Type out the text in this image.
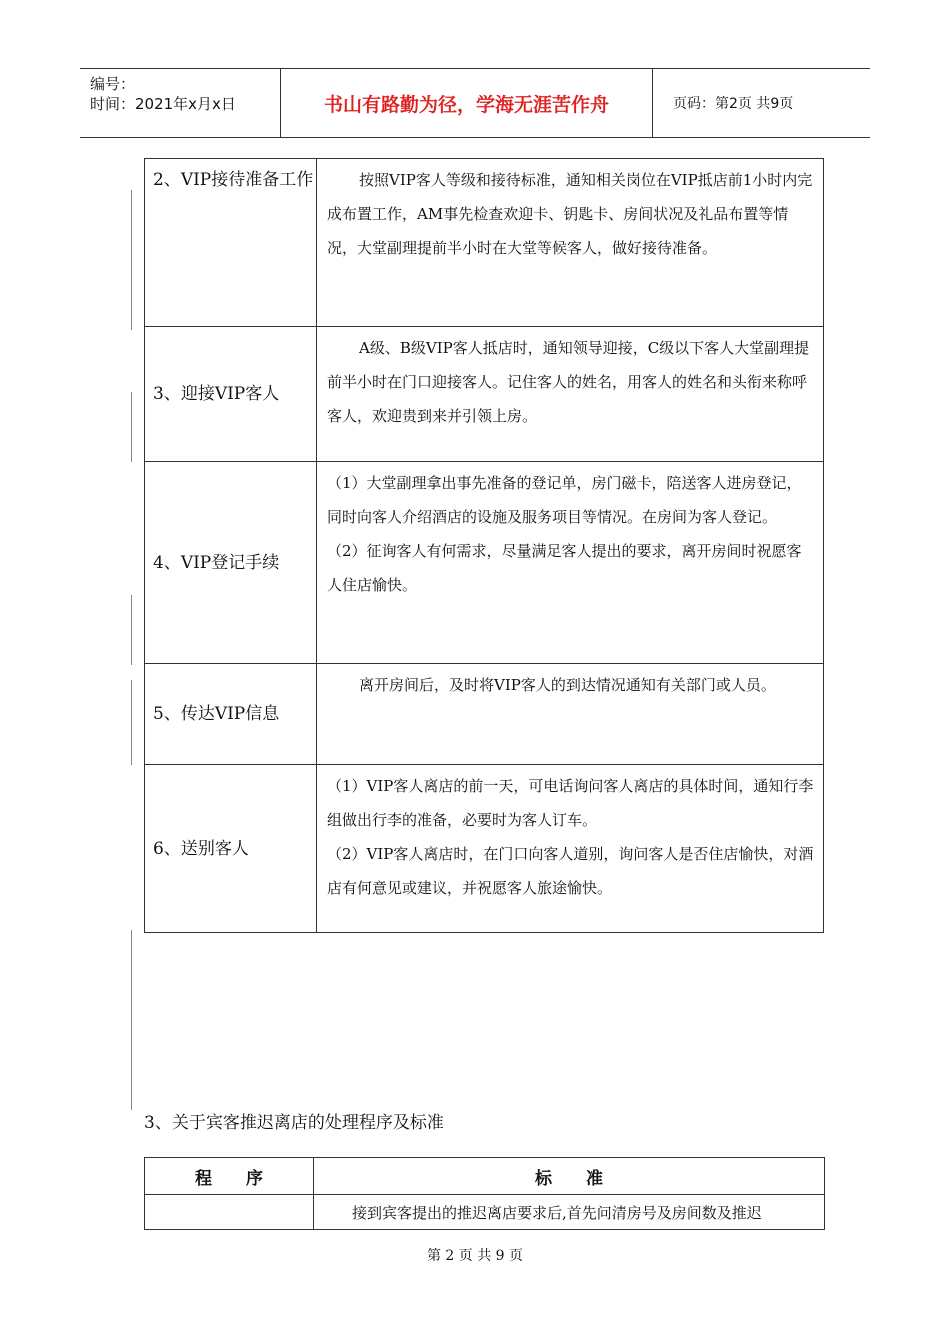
编号：
时间：2021年x月x日	书山有路勤为径，学海无涯苦作舟	页码：第2页 共9页
2、VIP接待准备工作	按照VIP客人等级和接待标准，通知相关岗位在VIP抵店前1小时内完成布置工作，AM事先检查欢迎卡、钥匙卡、房间状况及礼品布置等情况，大堂副理提前半小时在大堂等候客人，做好接待准备。

3、迎接VIP客人	A级、B级VIP客人抵店时，通知领导迎接，C级以下客人大堂副理提前半小时在门口迎接客人。记住客人的姓名，用客人的姓名和头衔来称呼客人，欢迎贵到来并引领上房。

4、VIP登记手续	（1）大堂副理拿出事先准备的登记单，房门磁卡，陪送客人进房登记，同时向客人介绍酒店的设施及服务项目等情况。在房间为客人登记。

（2）征询客人有何需求，尽量满足客人提出的要求，离开房间时祝愿客人住店愉快。

5、传达VIP信息	离开房间后，及时将VIP客人的到达情况通知有关部门或人员。

6、送别客人	（1）VIP客人离店的前一天，可电话询问客人离店的具体时间，通知行李组做出行李的准备，必要时为客人订车。

（2）VIP客人离店时，在门口向客人道别，询问客人是否住店愉快，对酒店有何意见或建议，并祝愿客人旅途愉快。

3、关于宾客推迟离店的处理程序及标准
程　　序	标　　准
	接到宾客提出的推迟离店要求后,首先问清房号及房间数及推迟
第 2 页 共 9 页
